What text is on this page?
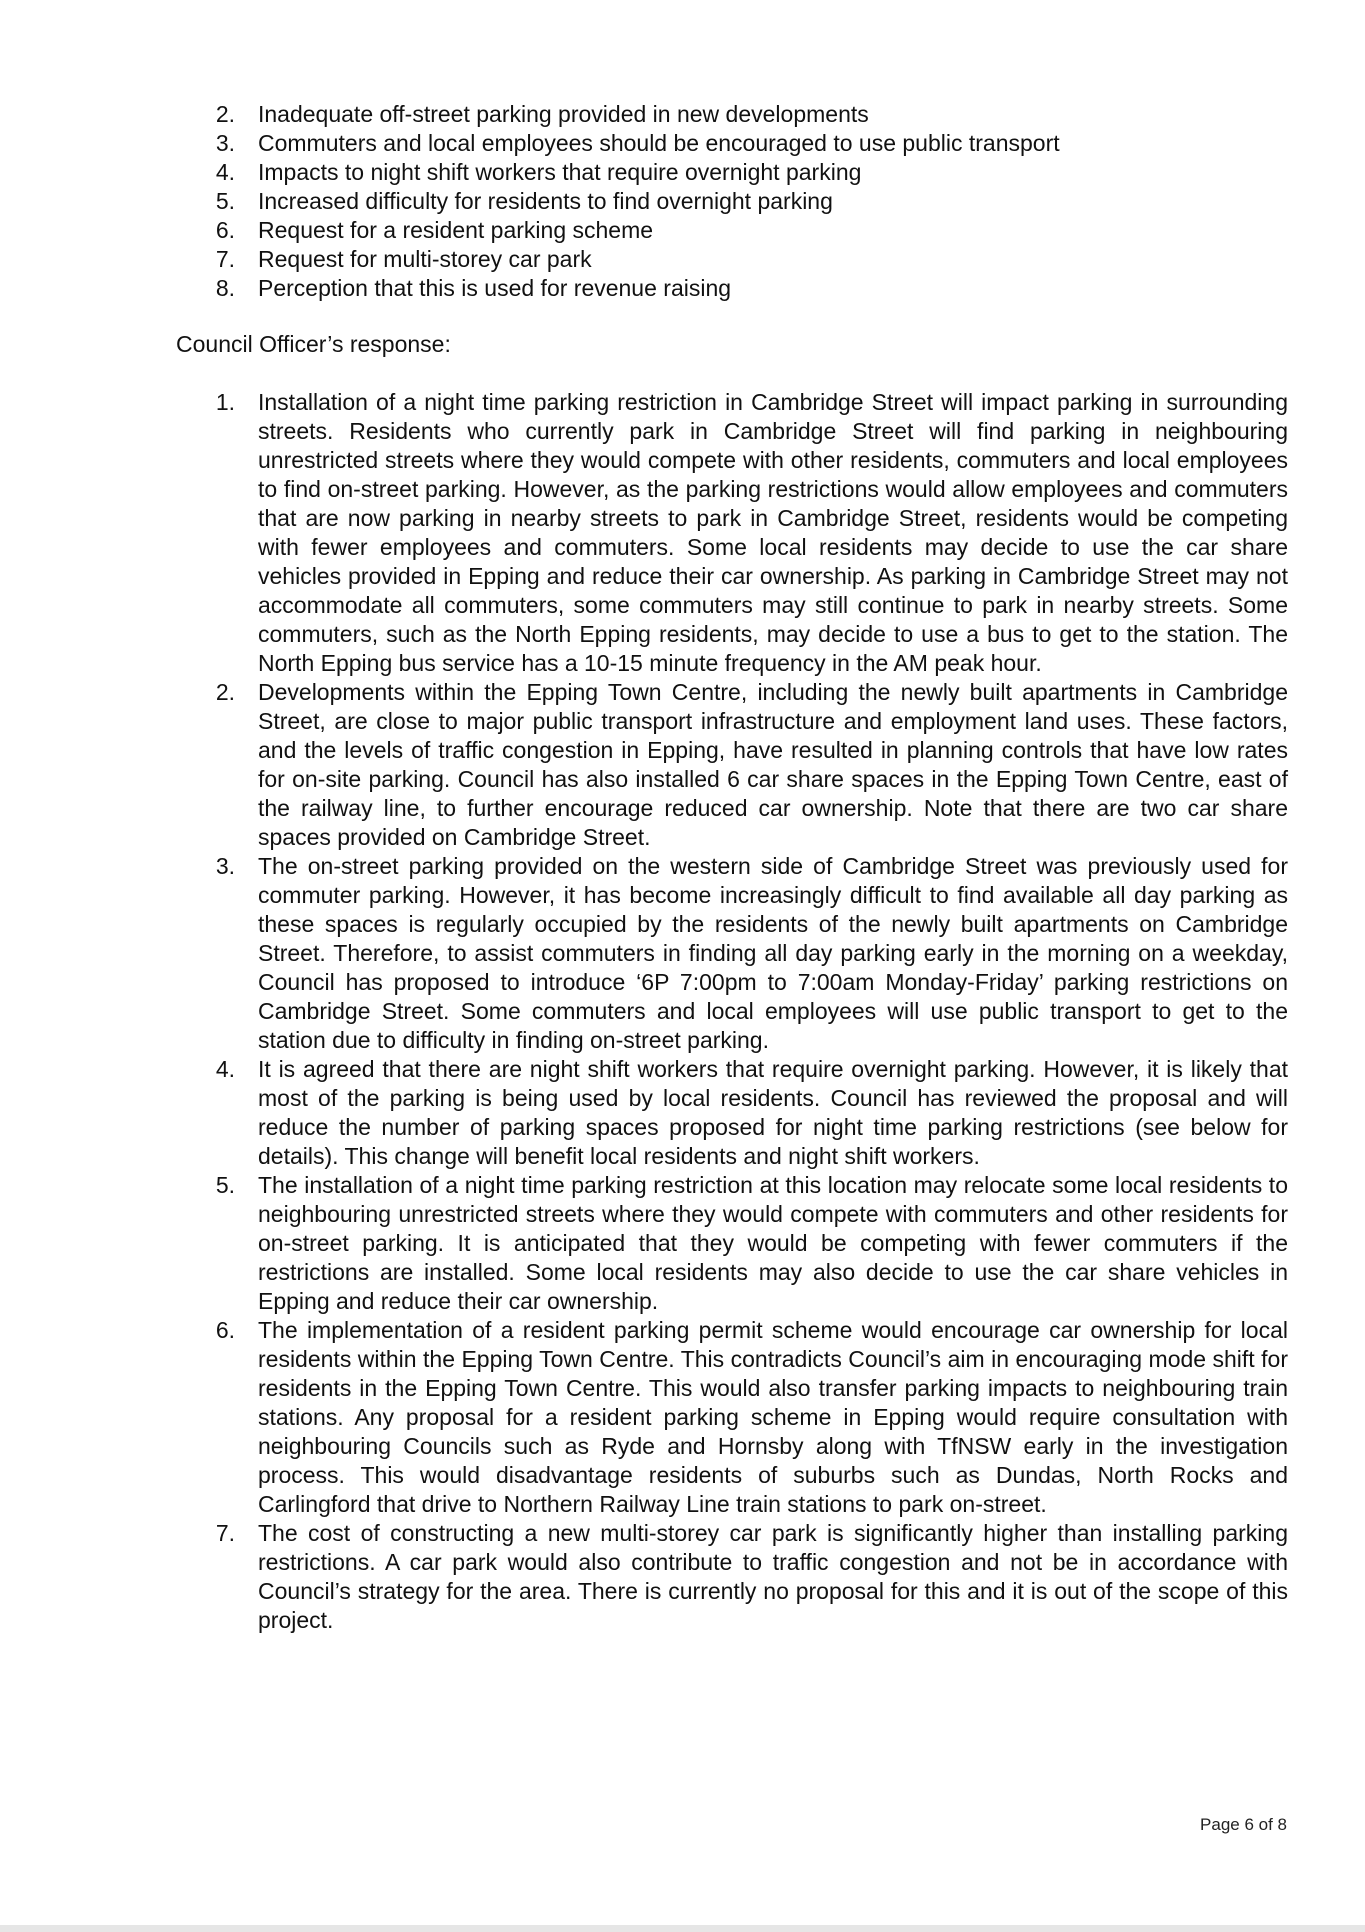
2. Inadequate off-street parking provided in new developments
3. Commuters and local employees should be encouraged to use public transport
4. Impacts to night shift workers that require overnight parking
5. Increased difficulty for residents to find overnight parking
6. Request for a resident parking scheme
7. Request for multi-storey car park
8. Perception that this is used for revenue raising
Council Officer’s response:
1. Installation of a night time parking restriction in Cambridge Street will impact parking in surrounding streets. Residents who currently park in Cambridge Street will find parking in neighbouring unrestricted streets where they would compete with other residents, commuters and local employees to find on-street parking. However, as the parking restrictions would allow employees and commuters that are now parking in nearby streets to park in Cambridge Street, residents would be competing with fewer employees and commuters. Some local residents may decide to use the car share vehicles provided in Epping and reduce their car ownership. As parking in Cambridge Street may not accommodate all commuters, some commuters may still continue to park in nearby streets. Some commuters, such as the North Epping residents, may decide to use a bus to get to the station. The North Epping bus service has a 10-15 minute frequency in the AM peak hour.
2. Developments within the Epping Town Centre, including the newly built apartments in Cambridge Street, are close to major public transport infrastructure and employment land uses. These factors, and the levels of traffic congestion in Epping, have resulted in planning controls that have low rates for on-site parking. Council has also installed 6 car share spaces in the Epping Town Centre, east of the railway line, to further encourage reduced car ownership. Note that there are two car share spaces provided on Cambridge Street.
3. The on-street parking provided on the western side of Cambridge Street was previously used for commuter parking. However, it has become increasingly difficult to find available all day parking as these spaces is regularly occupied by the residents of the newly built apartments on Cambridge Street. Therefore, to assist commuters in finding all day parking early in the morning on a weekday, Council has proposed to introduce ‘6P 7:00pm to 7:00am Monday-Friday’ parking restrictions on Cambridge Street. Some commuters and local employees will use public transport to get to the station due to difficulty in finding on-street parking.
4. It is agreed that there are night shift workers that require overnight parking. However, it is likely that most of the parking is being used by local residents. Council has reviewed the proposal and will reduce the number of parking spaces proposed for night time parking restrictions (see below for details). This change will benefit local residents and night shift workers.
5. The installation of a night time parking restriction at this location may relocate some local residents to neighbouring unrestricted streets where they would compete with commuters and other residents for on-street parking. It is anticipated that they would be competing with fewer commuters if the restrictions are installed. Some local residents may also decide to use the car share vehicles in Epping and reduce their car ownership.
6. The implementation of a resident parking permit scheme would encourage car ownership for local residents within the Epping Town Centre. This contradicts Council’s aim in encouraging mode shift for residents in the Epping Town Centre. This would also transfer parking impacts to neighbouring train stations. Any proposal for a resident parking scheme in Epping would require consultation with neighbouring Councils such as Ryde and Hornsby along with TfNSW early in the investigation process. This would disadvantage residents of suburbs such as Dundas, North Rocks and Carlingford that drive to Northern Railway Line train stations to park on-street.
7. The cost of constructing a new multi-storey car park is significantly higher than installing parking restrictions. A car park would also contribute to traffic congestion and not be in accordance with Council’s strategy for the area. There is currently no proposal for this and it is out of the scope of this project.
Page 6 of 8
